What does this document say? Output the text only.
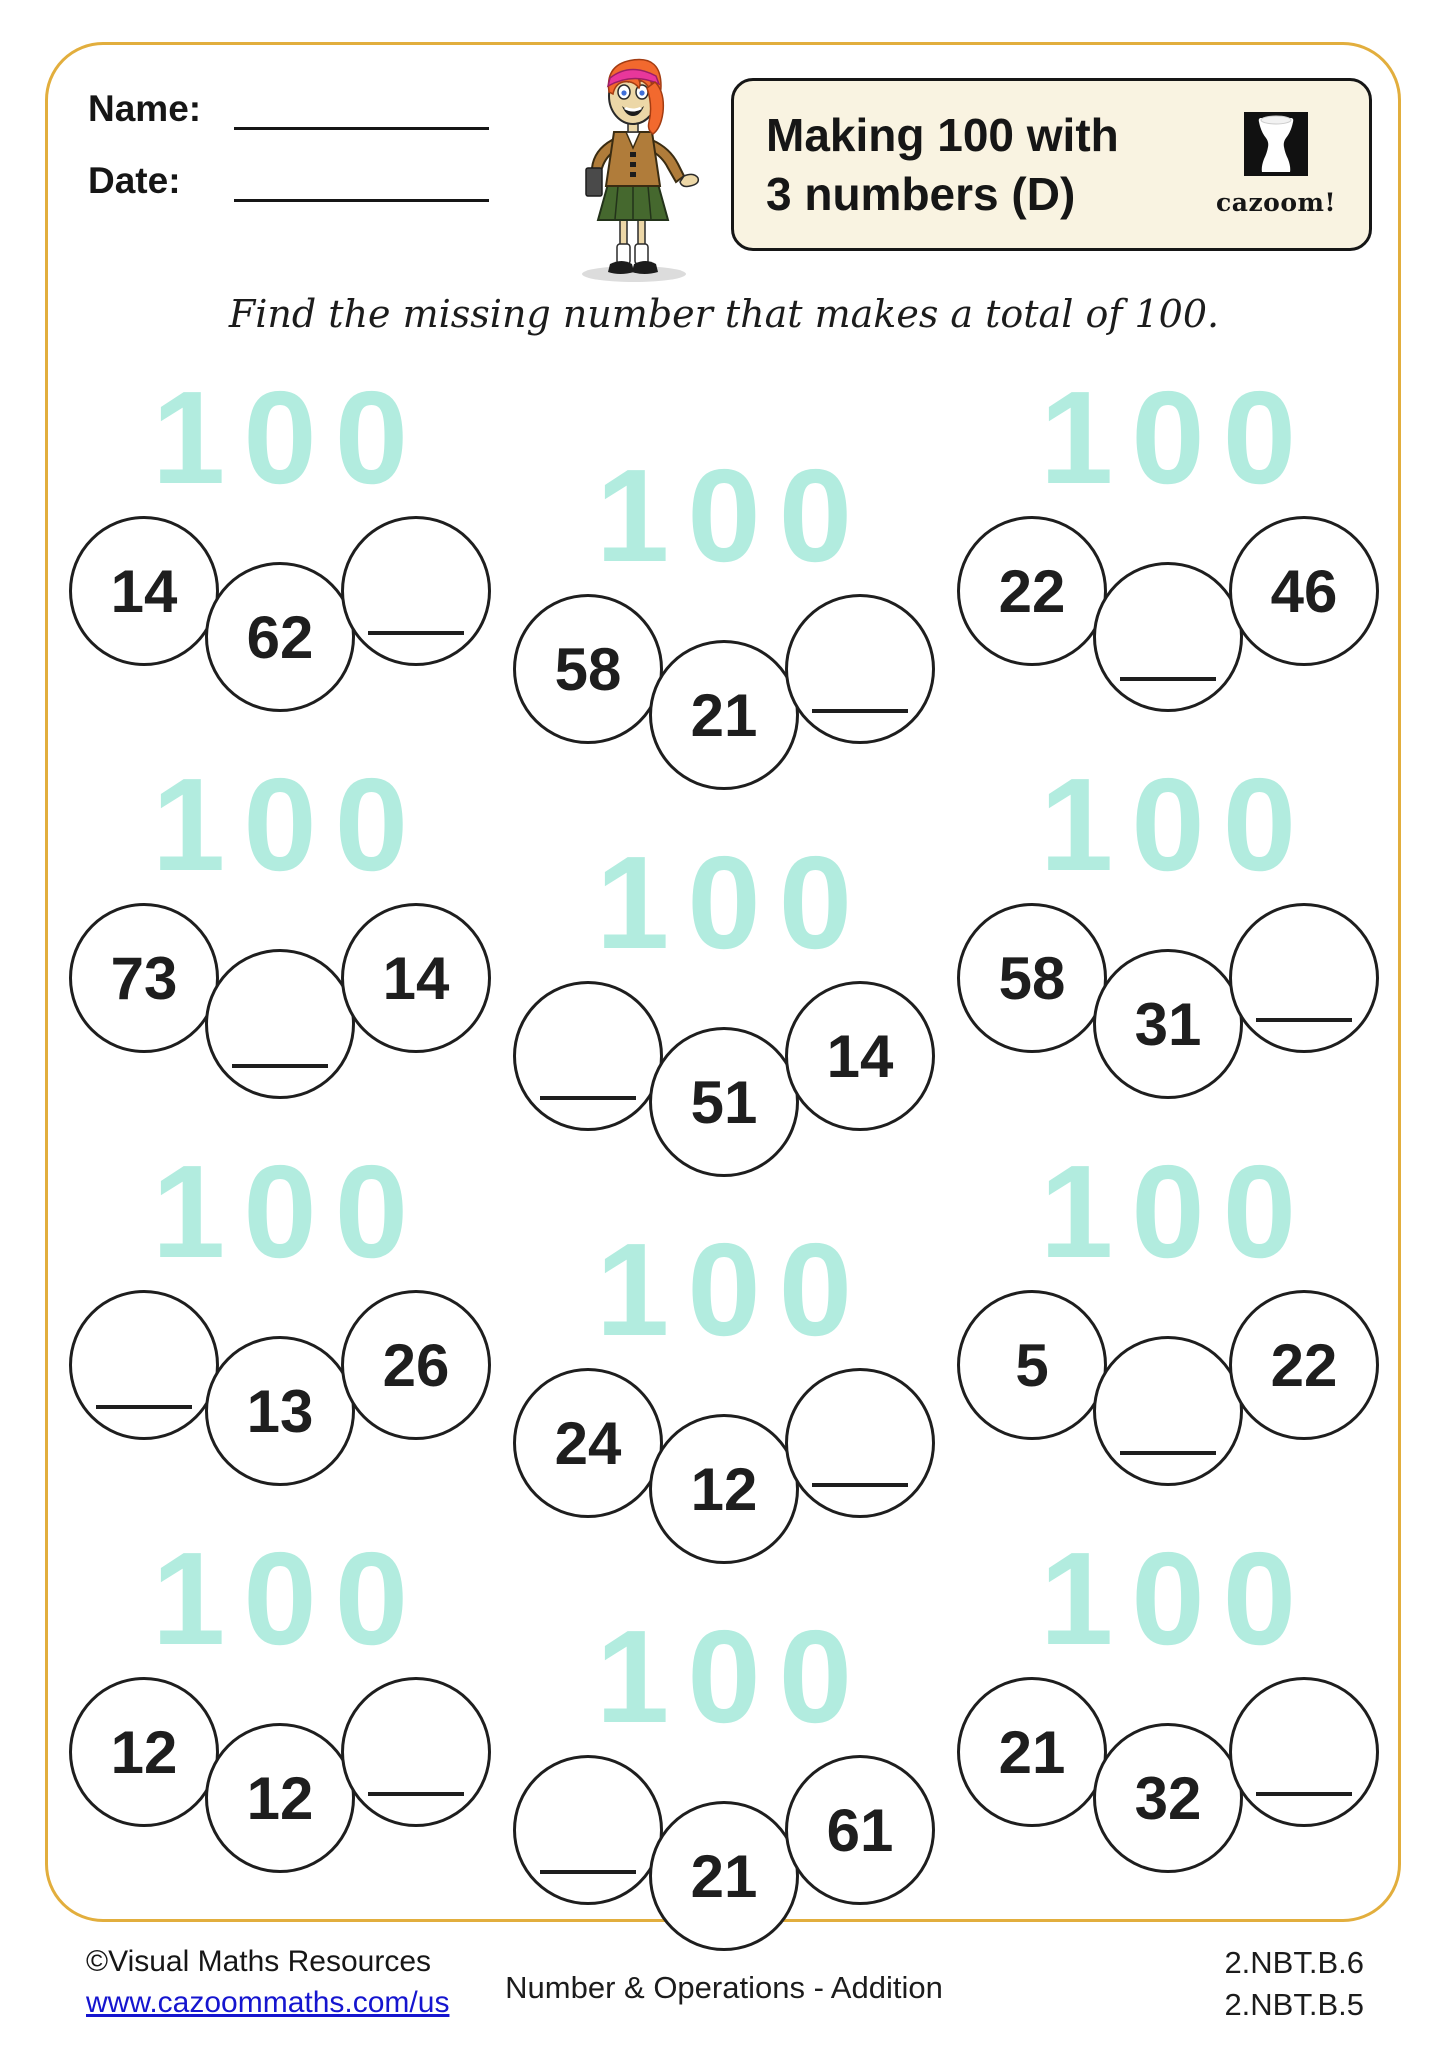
Name:
Date:
Making 100 with
3 numbers (D)	cazoom!
Find the missing number that makes a total of 100.
100
14
62
100
58
21
100
22	46
100
73	14
100
51
14
100
58
31
100
13
26
100
24
12
100
5	22
100
12
12
100
21
61
100
21
32
©Visual Maths Resources
www.cazoommaths.com/us	Number & Operations - Addition
2.NBT.B.6
2.NBT.B.5
